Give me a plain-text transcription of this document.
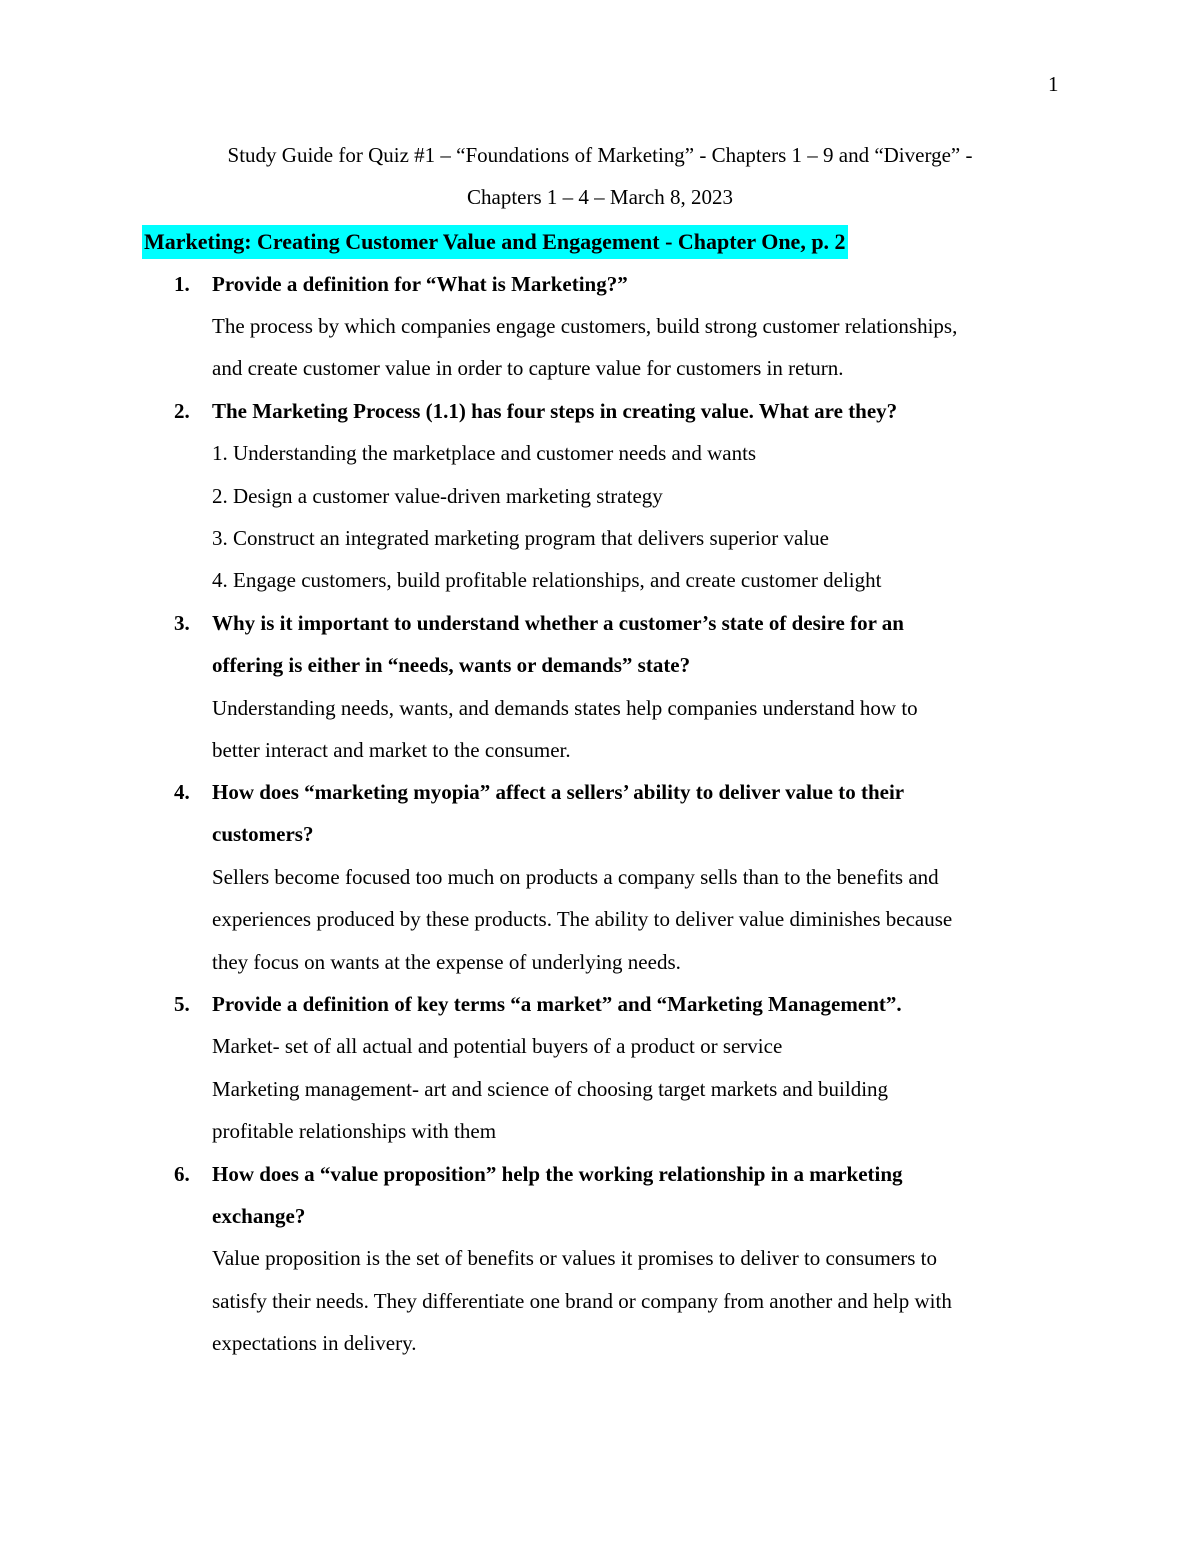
1
Study Guide for Quiz #1 – “Foundations of Marketing” - Chapters 1 – 9 and “Diverge” -
Chapters 1 – 4 – March 8, 2023
Marketing: Creating Customer Value and Engagement - Chapter One, p. 2
1. Provide a definition for “What is Marketing?”
The process by which companies engage customers, build strong customer relationships,
and create customer value in order to capture value for customers in return.
2. The Marketing Process (1.1) has four steps in creating value. What are they?
1. Understanding the marketplace and customer needs and wants
2. Design a customer value-driven marketing strategy
3. Construct an integrated marketing program that delivers superior value
4. Engage customers, build profitable relationships, and create customer delight
3. Why is it important to understand whether a customer’s state of desire for an
offering is either in “needs, wants or demands” state?
Understanding needs, wants, and demands states help companies understand how to
better interact and market to the consumer.
4. How does “marketing myopia” affect a sellers’ ability to deliver value to their
customers?
Sellers become focused too much on products a company sells than to the benefits and
experiences produced by these products. The ability to deliver value diminishes because
they focus on wants at the expense of underlying needs.
5. Provide a definition of key terms “a market” and “Marketing Management”.
Market- set of all actual and potential buyers of a product or service
Marketing management- art and science of choosing target markets and building
profitable relationships with them
6. How does a “value proposition” help the working relationship in a marketing
exchange?
Value proposition is the set of benefits or values it promises to deliver to consumers to
satisfy their needs. They differentiate one brand or company from another and help with
expectations in delivery.
